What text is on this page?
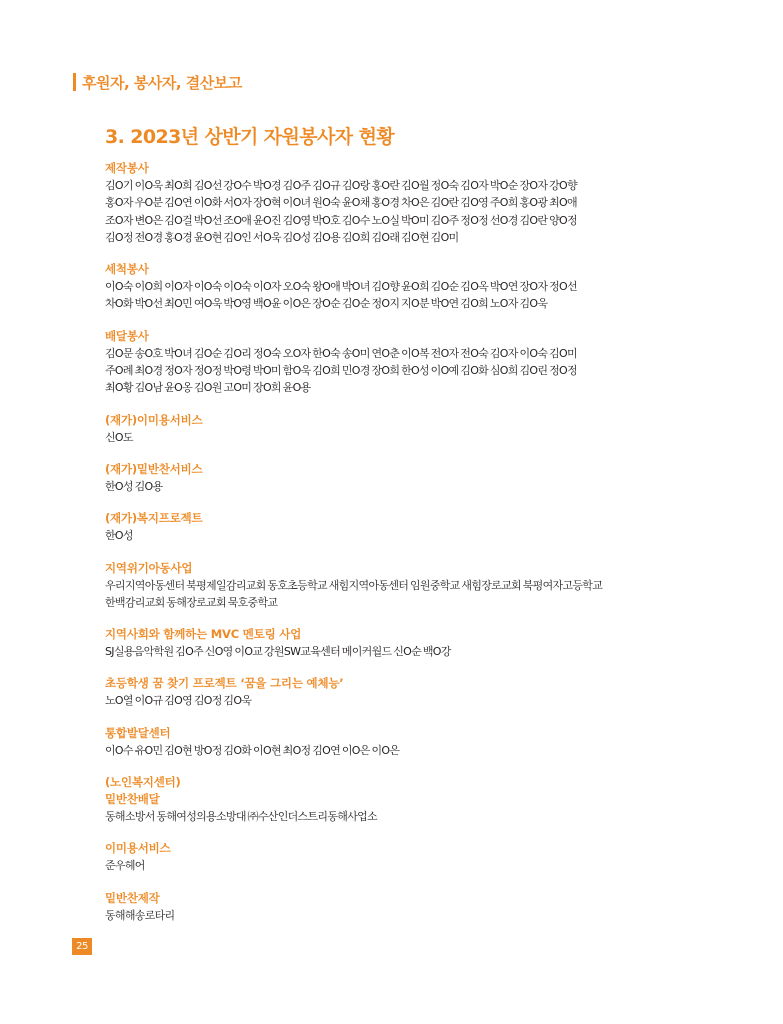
후원자, 봉사자, 결산보고
3. 2023년 상반기 자원봉사자 현황
제작봉사
김O기 이O욱 최O희 김O선 강O수 박O경 김O주 김O규 김O랑 홍O란 김O월 정O숙 김O자 박O순 장O자 강O향
홍O자 우O분 김O연 이O화 서O자 장O혁 이O녀 원O숙 윤O채 홍O경 차O은 김O란 김O영 주O희 홍O광 최O애
조O자 변O은 김O걸 박O선 조O애 윤O진 김O영 박O호 김O수 노O실 박O미 김O주 정O정 선O경 김O란 양O정
김O정 전O경 홍O경 윤O현 김O인 서O욱 김O성 김O용 김O희 김O래 김O현 김O미
세척봉사
이O숙 이O희 이O자 이O숙 이O숙 이O자 오O숙 왕O애 박O녀 김O향 윤O희 김O순 김O옥 박O연 장O자 정O선
차O화 박O선 최O민 여O욱 박O영 백O윤 이O은 장O순 김O순 정O지 지O분 박O연 김O희 노O자 김O욱
배달봉사
김O문 송O호 박O녀 김O순 김O리 정O숙 오O자 한O숙 송O미 연O춘 이O복 전O자 전O숙 김O자 이O숙 김O미
주O례 최O경 정O자 정O정 박O령 박O미 함O욱 김O희 민O경 장O희 한O성 이O예 김O화 심O희 김O린 정O정
최O황 김O남 윤O옹 김O원 고O미 장O희 윤O용
(재가)이미용서비스
신O도
(재가)밑반찬서비스
한O성 김O용
(재가)복지프로젝트
한O성
지역위기아동사업
우리지역아동센터 북평제일감리교회 동호초등학교 새힘지역아동센터 임원중학교 새힘장로교회 북평여자고등학교
한백감리교회 동해장로교회 묵호중학교
지역사회와 함께하는 MVC 멘토링 사업
SJ실용음악학원 김O주 신O영 이O교 강원SW교육센터 메이커월드 신O순 백O강
초등학생 꿈 찾기 프로젝트 ‘꿈을 그리는 예체능’
노O열 이O규 김O영 김O정 김O욱
통합발달센터
이O수 유O민 김O현 방O정 김O화 이O현 최O정 김O연 이O은 이O은
(노인복지센터)
밑반찬배달
동해소방서 동해여성의용소방대 ㈜수산인더스트리동해사업소
이미용서비스
준우헤어
밑반찬제작
동해해송로타리
25
